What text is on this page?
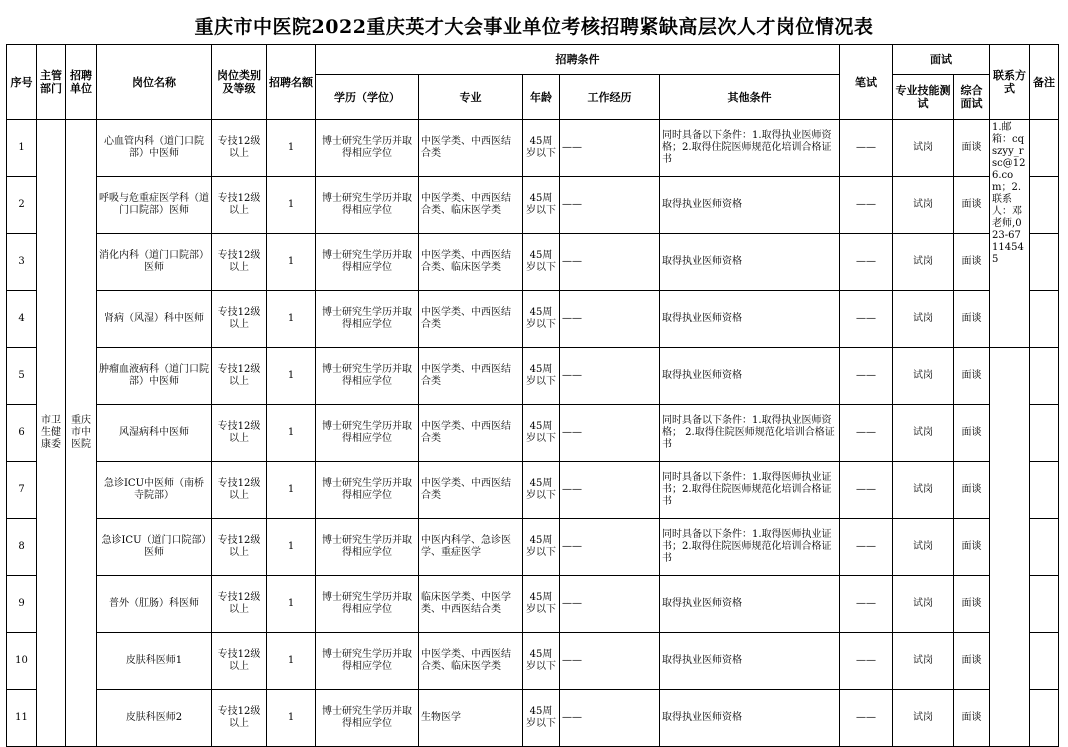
重庆市中医院2022重庆英才大会事业单位考核招聘紧缺高层次人才岗位情况表
序号	主管部门	招聘单位	岗位名称	岗位类别及等级	招聘名额	招聘条件					笔试	面试		联系方式	备注
						学历（学位）	专业	年龄	工作经历	其他条件		专业技能测试	综合面试		
1	市卫生健康委	重庆市中医院	心血管内科（道门口院部）中医师	专技12级以上	1	博士研究生学历并取得相应学位	中医学类、中西医结合类	45周岁以下	——	同时具备以下条件：1.取得执业医师资格；2.取得住院医师规范化培训合格证书	——	试岗	面谈	1.邮箱：cqszyy_rsc@126.com；2.联系人：邓老师,023-67114545	
2			呼吸与危重症医学科（道门口院部）医师	专技12级以上	1	博士研究生学历并取得相应学位	中医学类、中西医结合类、临床医学类	45周岁以下	——	取得执业医师资格	——	试岗	面谈		
3			消化内科（道门口院部）医师	专技12级以上	1	博士研究生学历并取得相应学位	中医学类、中西医结合类、临床医学类	45周岁以下	——	取得执业医师资格	——	试岗	面谈		
4			肾病（风湿）科中医师	专技12级以上	1	博士研究生学历并取得相应学位	中医学类、中西医结合类	45周岁以下	——	取得执业医师资格	——	试岗	面谈		
5			肿瘤血液病科（道门口院部）中医师	专技12级以上	1	博士研究生学历并取得相应学位	中医学类、中西医结合类	45周岁以下	——	取得执业医师资格	——	试岗	面谈		
6			风湿病科中医师	专技12级以上	1	博士研究生学历并取得相应学位	中医学类、中西医结合类	45周岁以下	——	同时具备以下条件：1.取得执业医师资格； 2.取得住院医师规范化培训合格证书	——	试岗	面谈		
7			急诊ICU中医师（南桥寺院部）	专技12级以上	1	博士研究生学历并取得相应学位	中医学类、中西医结合类	45周岁以下	——	同时具备以下条件：1.取得医师执业证书；2.取得住院医师规范化培训合格证书	——	试岗	面谈		
8			急诊ICU（道门口院部）医师	专技12级以上	1	博士研究生学历并取得相应学位	中医内科学、急诊医学、重症医学	45周岁以下	——	同时具备以下条件：1.取得医师执业证书；2.取得住院医师规范化培训合格证书	——	试岗	面谈		
9			普外（肛肠）科医师	专技12级以上	1	博士研究生学历并取得相应学位	临床医学类、中医学类、中西医结合类	45周岁以下	——	取得执业医师资格	——	试岗	面谈		
10			皮肤科医师1	专技12级以上	1	博士研究生学历并取得相应学位	中医学类、中西医结合类、临床医学类	45周岁以下	——	取得执业医师资格	——	试岗	面谈		
11			皮肤科医师2	专技12级以上	1	博士研究生学历并取得相应学位	生物医学	45周岁以下	——	取得执业医师资格	——	试岗	面谈		
